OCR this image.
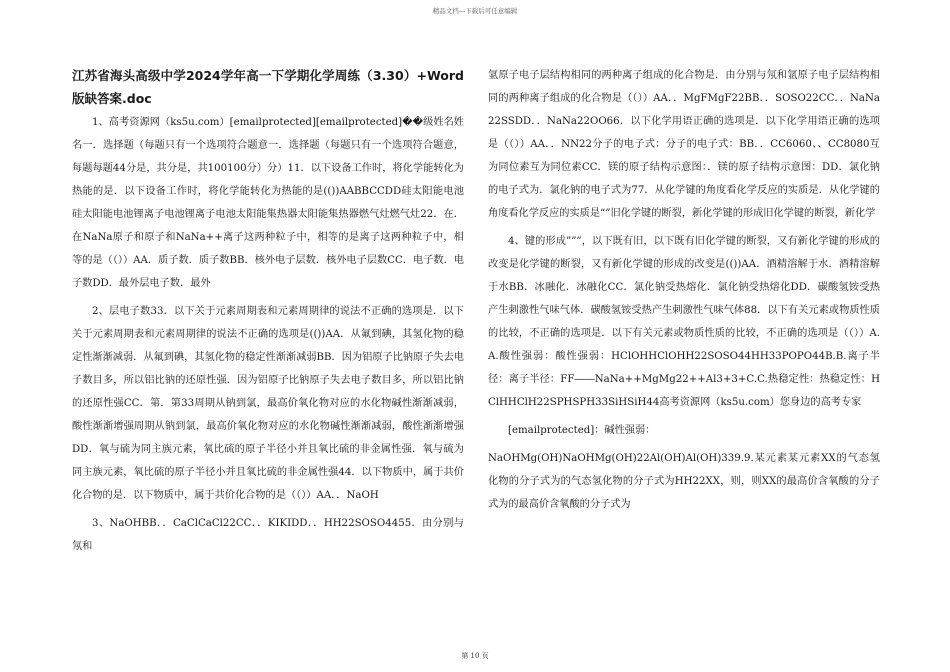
精品文档---下载后可任意编辑
江苏省海头高级中学2024学年高一下学期化学周练（3.30）+Word版缺答案.doc

1、高考资源网（ks5u.com）[emailprotected][emailprotected]��级姓名姓名一．选择题（每题只有一个选项符合题意一．选择题（每题只有一个选项符合题意，每题每题44分是，共分是，共100100分）分）11．以下设备工作时，将化学能转化为热能的是．以下设备工作时，将化学能转化为热能的是(())AABBCCDD硅太阳能电池硅太阳能电池锂离子电池锂离子电池太阳能集热器太阳能集热器燃气灶燃气灶22．在．在NaNa原子和原子和NaNa++离子这两种粒子中，相等的是离子这两种粒子中，相等的是（（））AA．质子数．质子数BB．核外电子层数．核外电子层数CC．电子数．电子数DD．最外层电子数．最外

2、层电子数33．以下关于元素周期表和元素周期律的说法不正确的选项是．以下关于元素周期表和元素周期律的说法不正确的选项是(())AA．从氟到碘，其氢化物的稳定性渐渐减弱．从氟到碘，其氢化物的稳定性渐渐减弱BB．因为铝原子比钠原子失去电子数目多，所以铝比钠的还原性强．因为铝原子比钠原子失去电子数目多，所以铝比钠的还原性强CC．第．第33周期从钠到氯，最高价氧化物对应的水化物碱性渐渐减弱，酸性渐渐增强周期从钠到氯，最高价氧化物对应的水化物碱性渐渐减弱，酸性渐渐增强DD．氧与硫为同主族元素，氧比硫的原子半径小并且氧比硫的非金属性强．氧与硫为同主族元素，氧比硫的原子半径小并且氧比硫的非金属性强44．以下物质中，属于共价化合物的是．以下物质中，属于共价化合物的是（（））AA．．NaOH

3、NaOHBB．．CaClCaCl22CC．．KIKIDD．．HH22SOSO4455．由分别与氖和

氩原子电子层结构相同的两种离子组成的化合物是．由分别与氖和氩原子电子层结构相同的两种离子组成的化合物是（（））AA．．MgFMgF22BB．．SOSO22CC．．NaNa22SSDD．．NaNa22OO66．以下化学用语正确的选项是．以下化学用语正确的选项是（（））AA．．NN22分子的电子式：分子的电子式：BB．．CC6060、、CC8080互为同位素互为同位素CC．镁的原子结构示意图：．镁的原子结构示意图：DD．氯化钠的电子式为．氯化钠的电子式为77．从化学键的角度看化学反应的实质是．从化学键的角度看化学反应的实质是“”旧化学键的断裂，新化学键的形成旧化学键的断裂，新化学

4、键的形成”””，以下既有旧，以下既有旧化学键的断裂，又有新化学键的形成的改变是化学键的断裂，又有新化学键的形成的改变是(())AA．酒精溶解于水．酒精溶解于水BB．冰融化．冰融化CC．氯化钠受热熔化．氯化钠受热熔化DD．碳酸氢铵受热产生刺激性气味气体．碳酸氢铵受热产生刺激性气味气体88．以下有关元素或物质性质的比较，不正确的选项是．以下有关元素或物质性质的比较，不正确的选项是（（））A.A.酸性强弱：酸性强弱：HClOHHClOHH22SOSO44HH33POPO44B.B.离子半径：离子半径：FF――NaNa++MgMg22++Al3+3+C.C.热稳定性：热稳定性：HClHHClH22SPHSPH33SiHSiH44高考资源网（ks5u.com）您身边的高考专家

[emailprotected]：碱性强弱：

NaOHMg(OH)NaOHMg(OH)22Al(OH)Al(OH)339.9.某元素某元素XX的气态氢化物的分子式为的气态氢化物的分子式为HH22XX，则，则XX的最高价含氧酸的分子式为的最高价含氧酸的分子式为

第 10 页
